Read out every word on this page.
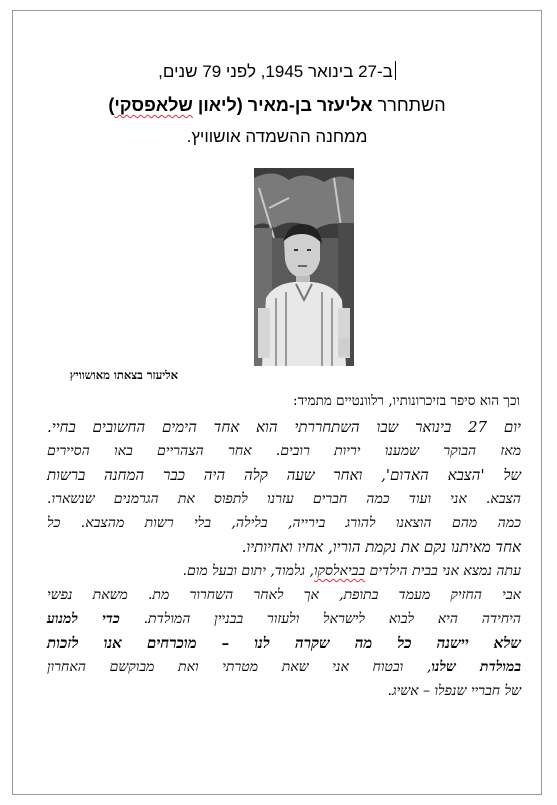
ב-27 בינואר 1945, לפני 79 שנים,
השתחרר אליעזר בן-מאיר (ליאון שלאפסקי)
ממחנה ההשמדה אושוויץ.
אליעזר בצאתו מאושוויץ
וכך הוא סיפר בזיכרונותיו, רלוונטיים מתמיד:
יום 27 בינואר שבו השתחררתי הוא אחד הימים החשובים בחיי.
מאז הבוקר שמענו יריות רובים. אחר הצהריים באו הסיירים
של 'הצבא האדום', ואחר שעה קלה היה כבר המחנה ברשות
הצבא. אני ועוד כמה חברים עזרנו לתפוס את הגרמנים שנשארו.
כמה מהם הוצאנו להורג בירייה, בלילה, בלי רשות מהצבא. כל
אחד מאיתנו נקם את נקמת הוריו, אחיו ואחיותיו.
עתה נמצא אני בבית הילדים בביאלסקו, גלמוד, יתום ובעל מום.
אבי החזיק מעמד בתופת, אך לאחר השחרור מת. משאת נפשי
היחידה היא לבוא לישראל ולעזור בבניין המולדת. כדי למנוע
שלא יישנה כל מה שקרה לנו – מוכרחים אנו לזכות
במולדת שלנו, ובטוח אני שאת מטרתי ואת מבוקשם האחרון
של חבריי שנפלו – אשיג.
